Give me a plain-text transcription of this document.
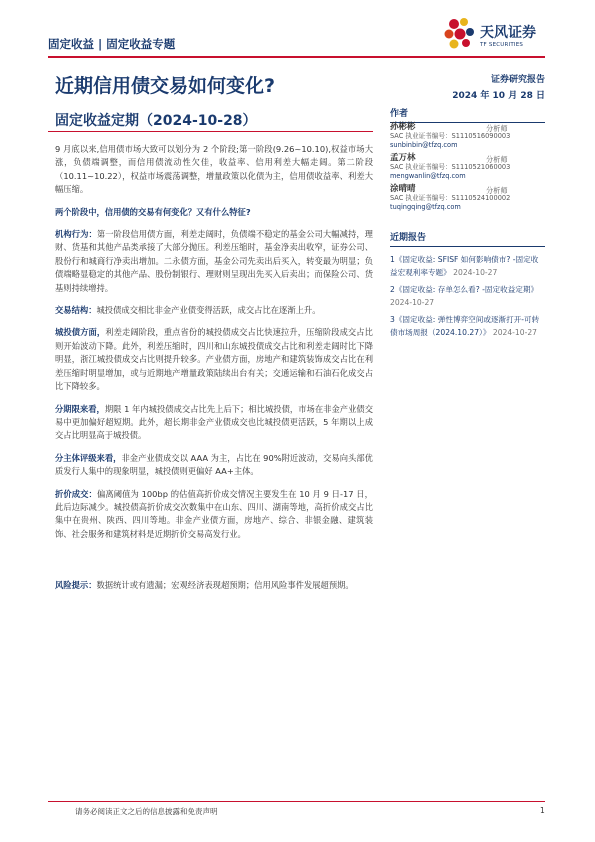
固定收益 | 固定收益专题
天风证券
TF SECURITIES
近期信用债交易如何变化?	证券研究报告
2024 年 10 月 28 日
固定收益定期（2024-10-28）

9 月底以来,信用债市场大致可以划分为 2 个阶段;第一阶段(9.26~10.10),权益市场大涨，负债端调整，而信用债流动性欠佳，收益率、信用利差大幅走阔。第二阶段（10.11~10.22），权益市场震荡调整，增量政策以化债为主，信用债收益率、利差大幅压缩。

两个阶段中，信用债的交易有何变化？又有什么特征?

机构行为：第一阶段信用债方面，利差走阔时，负债端不稳定的基金公司大幅减持，理财、货基和其他产品类承接了大部分抛压。利差压缩时，基金净卖出收窄，证券公司、股份行和城商行净卖出增加。二永债方面，基金公司先卖出后买入，转变最为明显；负债端略显稳定的其他产品、股份制银行、理财则呈现出先买入后卖出；而保险公司、货基则持续增持。

交易结构：城投债成交相比非金产业债变得活跃，成交占比在逐渐上升。

城投债方面，利差走阔阶段，重点省份的城投债成交占比快速拉升，压缩阶段成交占比则开始波动下降。此外，利差压缩时，四川和山东城投债成交占比和利差走阔时比下降明显，浙江城投债成交占比则提升较多。产业债方面，房地产和建筑装饰成交占比在利差压缩时明显增加，或与近期地产增量政策陆续出台有关；交通运输和石油石化成交占比下降较多。

分期限来看，期限 1 年内城投债成交占比先上后下；相比城投债，市场在非金产业债交易中更加偏好超短期。此外，超长期非金产业债成交也比城投债更活跃，5 年期以上成交占比明显高于城投债。

分主体评级来看，非金产业债成交以 AAA 为主，占比在 90%附近波动，交易向头部优质发行人集中的现象明显，城投债则更偏好 AA+主体。

折价成交：偏离阈值为 100bp 的估值高折价成交情况主要发生在 10 月 9 日-17 日，此后边际减少。城投债高折价成交次数集中在山东、四川、湖南等地，高折价成交占比集中在贵州、陕西、四川等地。非金产业债方面，房地产、综合、非银金融、建筑装饰、社会服务和建筑材料是近期折价交易高发行业。

风险提示：数据统计或有遗漏；宏观经济表现超预期；信用风险事件发展超预期。

作者
孙彬彬	分析师
SAC 执业证书编号：S1110516090003
sunbinbin@tfzq.com
孟万林	分析师
SAC 执业证书编号：S1110521060003
mengwanlin@tfzq.com
涂晴晴	分析师
SAC 执业证书编号：S1110524100002
tuqingqing@tfzq.com
近期报告
1《固定收益: SFISF 如何影响债市? -固定收益宏观利率专题》 2024-10-27
2《固定收益: 存单怎么看? -固定收益定期》 2024-10-27
3《固定收益: 弹性博弈空间或逐渐打开-可转债市场周报（2024.10.27）》 2024-10-27
请务必阅读正文之后的信息披露和免责声明	1
